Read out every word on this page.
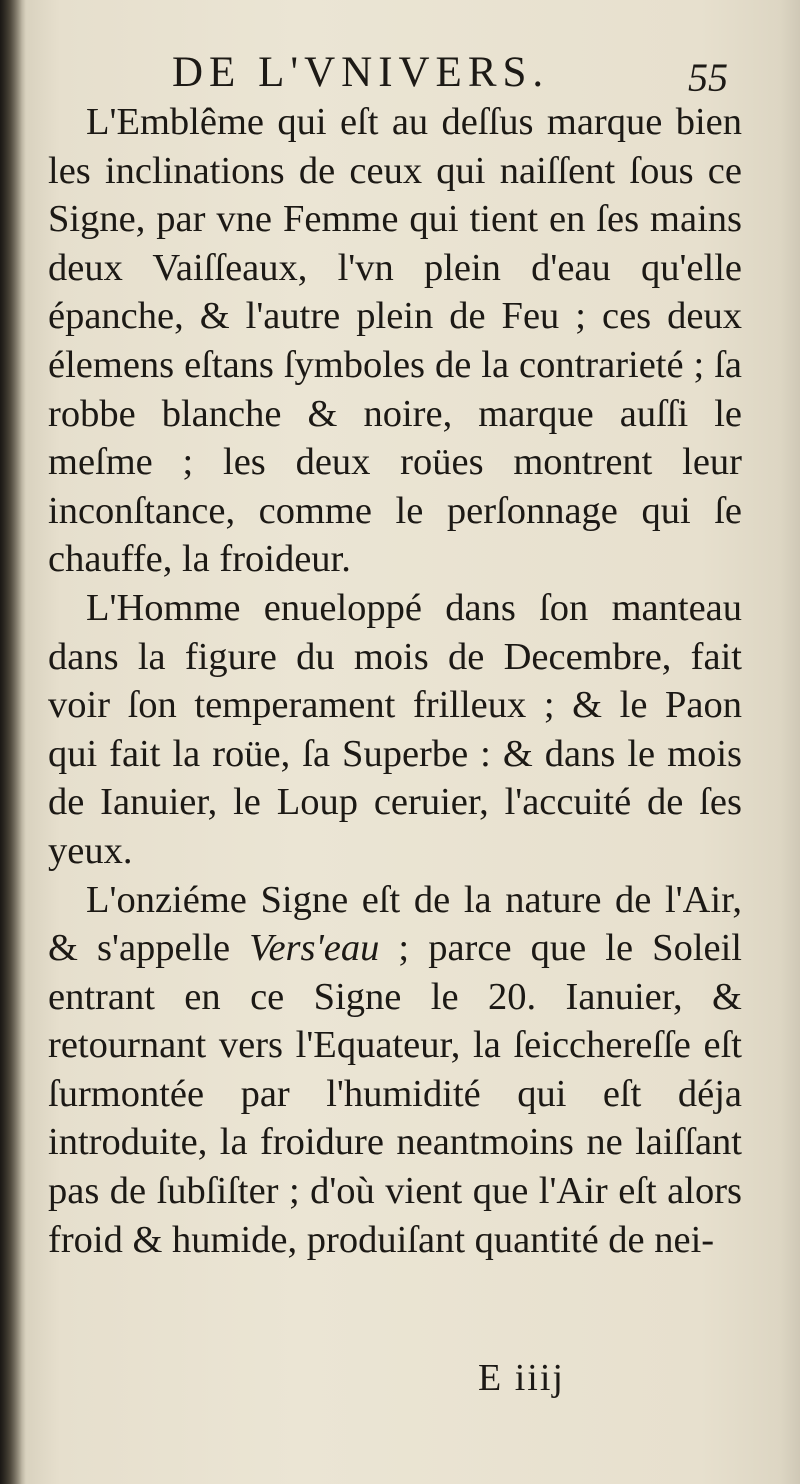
DE L'VNIVERS.	55

L'Emblême qui eſt au deſſus marque bien les inclinations de ceux qui naiſſent ſous ce Signe, par vne Femme qui tient en ſes mains deux Vaiſſeaux, l'vn plein d'eau qu'elle épanche, & l'autre plein de Feu ; ces deux élemens eſtans ſymboles de la contrarieté ; ſa robbe blanche & noire, marque auſſi le meſme ; les deux roües montrent leur inconſtance, comme le perſonnage qui ſe chauffe, la froideur.

L'Homme enueloppé dans ſon manteau dans la figure du mois de Decembre, fait voir ſon temperament frilleux ; & le Paon qui fait la roüe, ſa Superbe : & dans le mois de Ianuier, le Loup ceruier, l'accuité de ſes yeux.

L'onziéme Signe eſt de la nature de l'Air, & s'appelle Vers'eau ; parce que le Soleil entrant en ce Signe le 20. Ianuier, & retournant vers l'Equateur, la ſeicchereſſe eſt ſurmontée par l'humidité qui eſt déja introduite, la froidure neantmoins ne laiſſant pas de ſubſiſter ; d'où vient que l'Air eſt alors froid & humide, produiſant quantité de nei-

E iiij
